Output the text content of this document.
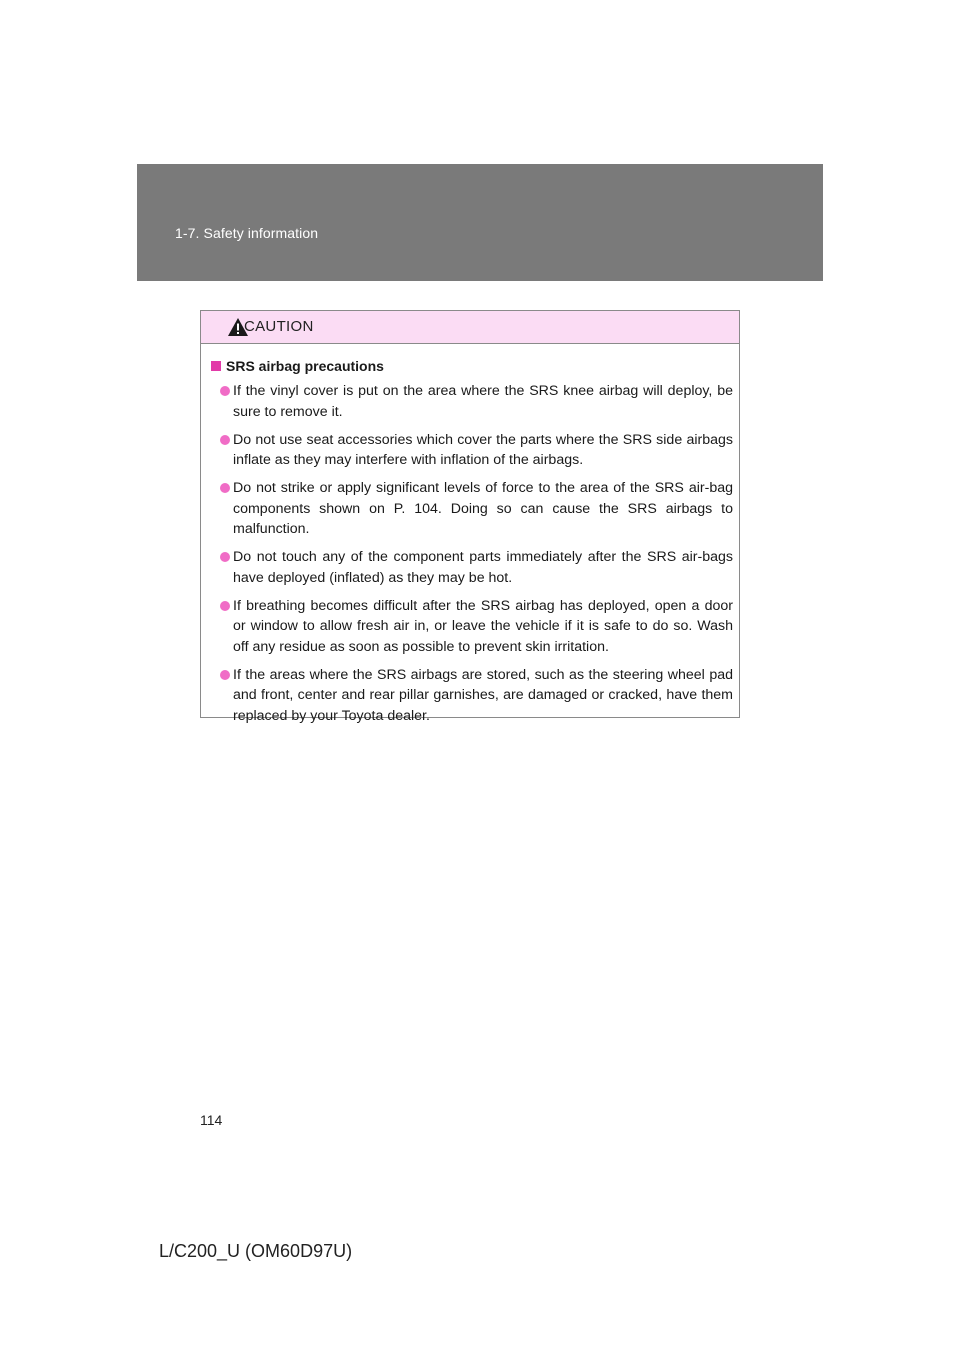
1-7. Safety information
CAUTION
SRS airbag precautions
If the vinyl cover is put on the area where the SRS knee airbag will deploy, be sure to remove it.
Do not use seat accessories which cover the parts where the SRS side airbags inflate as they may interfere with inflation of the airbags.
Do not strike or apply significant levels of force to the area of the SRS air-bag components shown on P. 104. Doing so can cause the SRS airbags to malfunction.
Do not touch any of the component parts immediately after the SRS air-bags have deployed (inflated) as they may be hot.
If breathing becomes difficult after the SRS airbag has deployed, open a door or window to allow fresh air in, or leave the vehicle if it is safe to do so. Wash off any residue as soon as possible to prevent skin irritation.
If the areas where the SRS airbags are stored, such as the steering wheel pad and front, center and rear pillar garnishes, are damaged or cracked, have them replaced by your Toyota dealer.
114
L/C200_U (OM60D97U)
